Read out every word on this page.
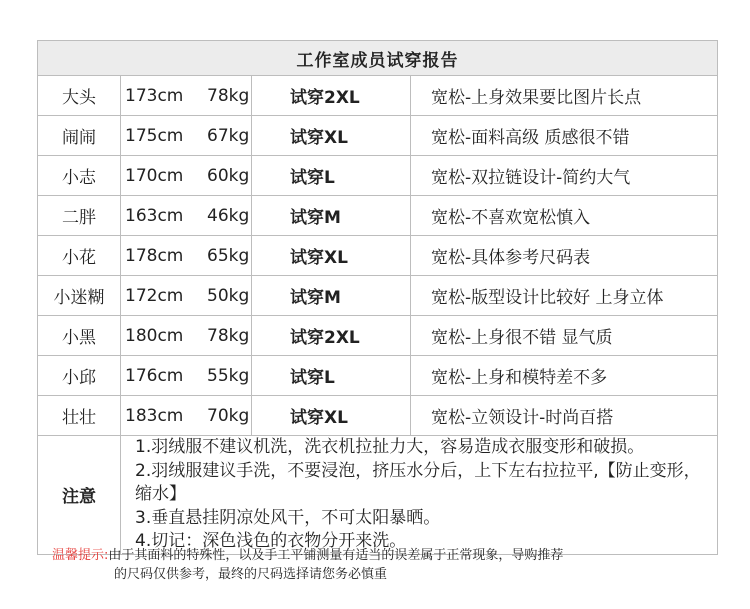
工作室成员试穿报告			
大头	173cm 78kg	试穿2XL	宽松-上身效果要比图片长点
闹闹	175cm 67kg	试穿XL	宽松-面料高级 质感很不错
小志	170cm 60kg	试穿L	宽松-双拉链设计-简约大气
二胖	163cm 46kg	试穿M	宽松-不喜欢宽松慎入
小花	178cm 65kg	试穿XL	宽松-具体参考尺码表
小迷糊	172cm 50kg	试穿M	宽松-版型设计比较好 上身立体
小黑	180cm 78kg	试穿2XL	宽松-上身很不错 显气质
小邱	176cm 55kg	试穿L	宽松-上身和模特差不多
壮壮	183cm 70kg	试穿XL	宽松-立领设计-时尚百搭
注意	1.羽绒服不建议机洗，洗衣机拉扯力大，容易造成衣服变形和破损。
2.羽绒服建议手洗，不要浸泡，挤压水分后，上下左右拉拉平,【防止变形，缩水】
3.垂直悬挂阴凉处风干，不可太阳暴晒。
4.切记：深色浅色的衣物分开来洗。		
温馨提示:由于其面料的特殊性，以及手工平铺测量有适当的误差属于正常现象，导购推荐
的尺码仅供参考，最终的尺码选择请您务必慎重
